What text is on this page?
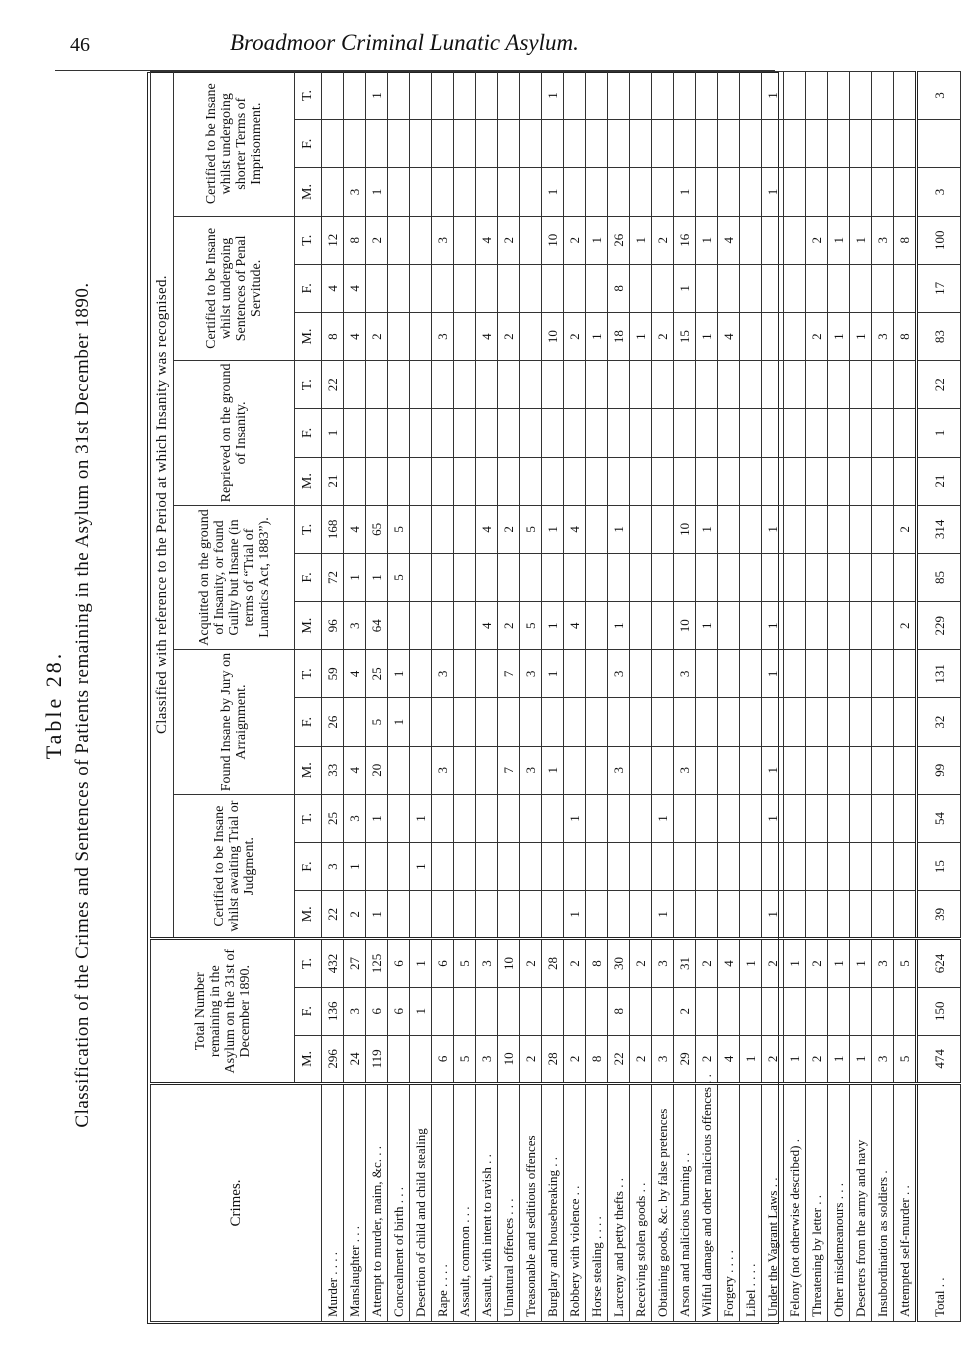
46	Broadmoor Criminal Lunatic Asylum.
Table 28. Classification of the Crimes and Sentences of Patients remaining in the Asylum on 31st December 1890.
Crimes.	Total Number remaining in the Asylum on the 31st of December 1890.			Classified with reference to the Period at which Insanity was recognised.																	
				Certified to be Insane whilst awaiting Trial or Judgment.			Found Insane by Jury on Arraignment.			Acquitted on the ground of Insanity, or found Guilty but Insane (in terms of “Trial of Lunatics Act, 1883”).			Reprieved on the ground of Insanity.			Certified to be Insane whilst undergoing Sentences of Penal Servitude.			Certified to be Insane whilst undergoing shorter Terms of Imprisonment.		
	M.	F.	T.	M.	F.	T.	M.	F.	T.	M.	F.	T.	M.	F.	T.	M.	F.	T.	M.	F.	T.
Murder . . . .	296	136	432	22	3	25	33	26	59	96	72	168	21	1	22	8	4	12			
Manslaughter . . .	24	3	27	2	1	3	4		4	3	1	4				4	4	8	3		
Attempt to murder, maim, &c. . .	119	6	125	1		1	20	5	25	64	1	65				2		2	1		1
Concealment of birth . . .		6	6					1	1		5	5									
Desertion of child and child stealing		1	1		1	1															
Rape . . . .	6		6				3		3							3		3			
Assault, common . . .	5		5																		
Assault, with intent to ravish . .	3		3							4		4				4		4			
Unnatural offences . . .	10		10				7		7	2		2				2		2			
Treasonable and seditious offences	2		2				3		3	5		5									
Burglary and housebreaking . .	28		28				1		1	1		1				10		10	1		1
Robbery with violence . .	2		2	1		1				4		4				2		2			
Horse stealing . . . .	8		8													1		1			
Larceny and petty thefts . .	22	8	30				3		3	1		1				18	8	26			
Receiving stolen goods . .	2		2													1		1			
Obtaining goods, &c. by false pretences	3		3	1		1										2		2			
Arson and malicious burning . .	29	2	31				3		3	10		10				15	1	16	1		
Wilful damage and other malicious offences . .	2		2							1		1				1		1			
Forgery . . . .	4		4													4		4			
Libel . . . .	1		1																		
Under the Vagrant Laws . .	2		2	1		1	1		1	1		1							1		1
Felony (not otherwise described) .	1		1																		
Threatening by letter . .	2		2													2		2			
Other misdemeanours . . .	1		1													1		1			
Deserters from the army and navy	1		1													1		1			
Insubordination as soldiers .	3		3													3		3			
Attempted self-murder . .	5		5							2		2				8		8			
Total . .	474	150	624	39	15	54	99	32	131	229	85	314	21	1	22	83	17	100	3		3
